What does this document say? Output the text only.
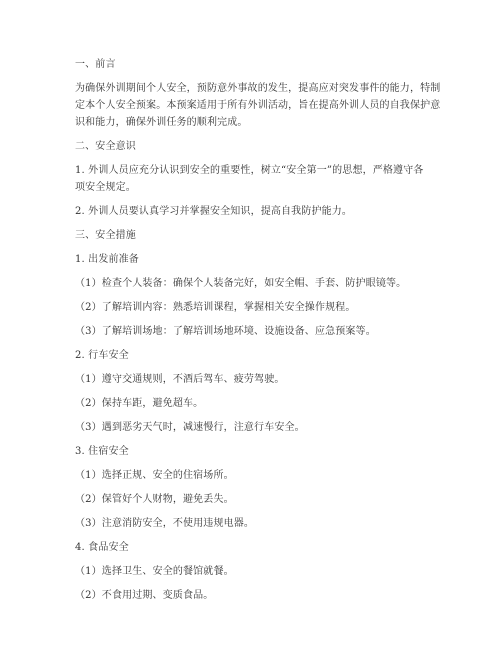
一、前言
为确保外训期间个人安全，预防意外事故的发生，提高应对突发事件的能力，特制
定本个人安全预案。本预案适用于所有外训活动，旨在提高外训人员的自我保护意
识和能力，确保外训任务的顺利完成。
二、安全意识
1. 外训人员应充分认识到安全的重要性，树立“安全第一”的思想，严格遵守各
项安全规定。
2. 外训人员要认真学习并掌握安全知识，提高自我防护能力。
三、安全措施
1. 出发前准备
（1）检查个人装备：确保个人装备完好，如安全帽、手套、防护眼镜等。
（2）了解培训内容：熟悉培训课程，掌握相关安全操作规程。
（3）了解培训场地：了解培训场地环境、设施设备、应急预案等。
2. 行车安全
（1）遵守交通规则，不酒后驾车、疲劳驾驶。
（2）保持车距，避免超车。
（3）遇到恶劣天气时，减速慢行，注意行车安全。
3. 住宿安全
（1）选择正规、安全的住宿场所。
（2）保管好个人财物，避免丢失。
（3）注意消防安全，不使用违规电器。
4. 食品安全
（1）选择卫生、安全的餐馆就餐。
（2）不食用过期、变质食品。
